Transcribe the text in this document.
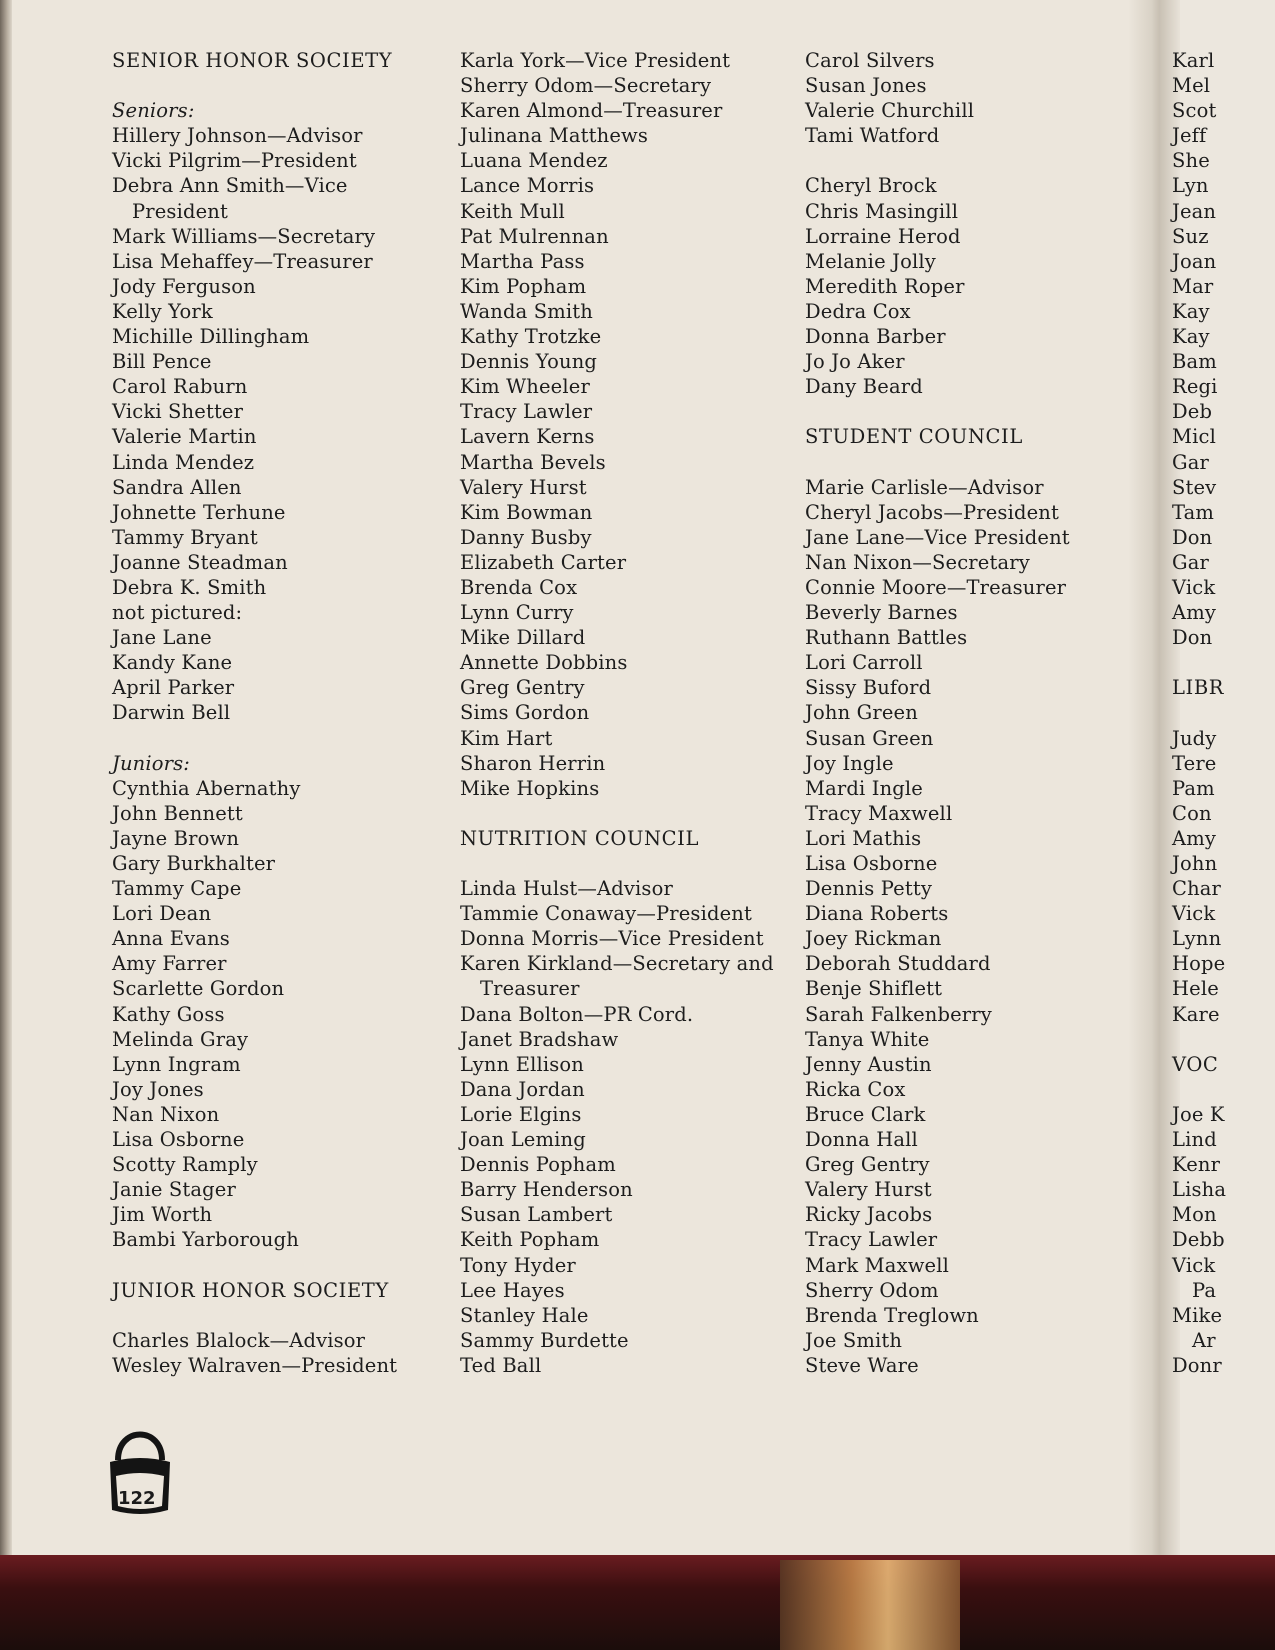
SENIOR HONOR SOCIETY
Seniors:
Hillery Johnson—Advisor
Vicki Pilgrim—President
Debra Ann Smith—Vice
President
Mark Williams—Secretary
Lisa Mehaffey—Treasurer
Jody Ferguson
Kelly York
Michille Dillingham
Bill Pence
Carol Raburn
Vicki Shetter
Valerie Martin
Linda Mendez
Sandra Allen
Johnette Terhune
Tammy Bryant
Joanne Steadman
Debra K. Smith
not pictured:
Jane Lane
Kandy Kane
April Parker
Darwin Bell
Juniors:
Cynthia Abernathy
John Bennett
Jayne Brown
Gary Burkhalter
Tammy Cape
Lori Dean
Anna Evans
Amy Farrer
Scarlette Gordon
Kathy Goss
Melinda Gray
Lynn Ingram
Joy Jones
Nan Nixon
Lisa Osborne
Scotty Ramply
Janie Stager
Jim Worth
Bambi Yarborough
JUNIOR HONOR SOCIETY
Charles Blalock—Advisor
Wesley Walraven—President
Karla York—Vice President
Sherry Odom—Secretary
Karen Almond—Treasurer
Julinana Matthews
Luana Mendez
Lance Morris
Keith Mull
Pat Mulrennan
Martha Pass
Kim Popham
Wanda Smith
Kathy Trotzke
Dennis Young
Kim Wheeler
Tracy Lawler
Lavern Kerns
Martha Bevels
Valery Hurst
Kim Bowman
Danny Busby
Elizabeth Carter
Brenda Cox
Lynn Curry
Mike Dillard
Annette Dobbins
Greg Gentry
Sims Gordon
Kim Hart
Sharon Herrin
Mike Hopkins
NUTRITION COUNCIL
Linda Hulst—Advisor
Tammie Conaway—President
Donna Morris—Vice President
Karen Kirkland—Secretary and
Treasurer
Dana Bolton—PR Cord.
Janet Bradshaw
Lynn Ellison
Dana Jordan
Lorie Elgins
Joan Leming
Dennis Popham
Barry Henderson
Susan Lambert
Keith Popham
Tony Hyder
Lee Hayes
Stanley Hale
Sammy Burdette
Ted Ball
Carol Silvers
Susan Jones
Valerie Churchill
Tami Watford
Cheryl Brock
Chris Masingill
Lorraine Herod
Melanie Jolly
Meredith Roper
Dedra Cox
Donna Barber
Jo Jo Aker
Dany Beard
STUDENT COUNCIL
Marie Carlisle—Advisor
Cheryl Jacobs—President
Jane Lane—Vice President
Nan Nixon—Secretary
Connie Moore—Treasurer
Beverly Barnes
Ruthann Battles
Lori Carroll
Sissy Buford
John Green
Susan Green
Joy Ingle
Mardi Ingle
Tracy Maxwell
Lori Mathis
Lisa Osborne
Dennis Petty
Diana Roberts
Joey Rickman
Deborah Studdard
Benje Shiflett
Sarah Falkenberry
Tanya White
Jenny Austin
Ricka Cox
Bruce Clark
Donna Hall
Greg Gentry
Valery Hurst
Ricky Jacobs
Tracy Lawler
Mark Maxwell
Sherry Odom
Brenda Treglown
Joe Smith
Steve Ware
Karl
Mel
Scot
Jeff
She
Lyn
Jean
Suz
Joan
Mar
Kay
Kay
Bam
Regi
Deb
Micl
Gar
Stev
Tam
Don
Gar
Vick
Amy
Don
LIBR
Judy
Tere
Pam
Con
Amy
John
Char
Vick
Lynn
Hope
Hele
Kare
VOC
Joe K
Lind
Kenr
Lisha
Mon
Debb
Vick
Pa
Mike
Ar
Donr
122
